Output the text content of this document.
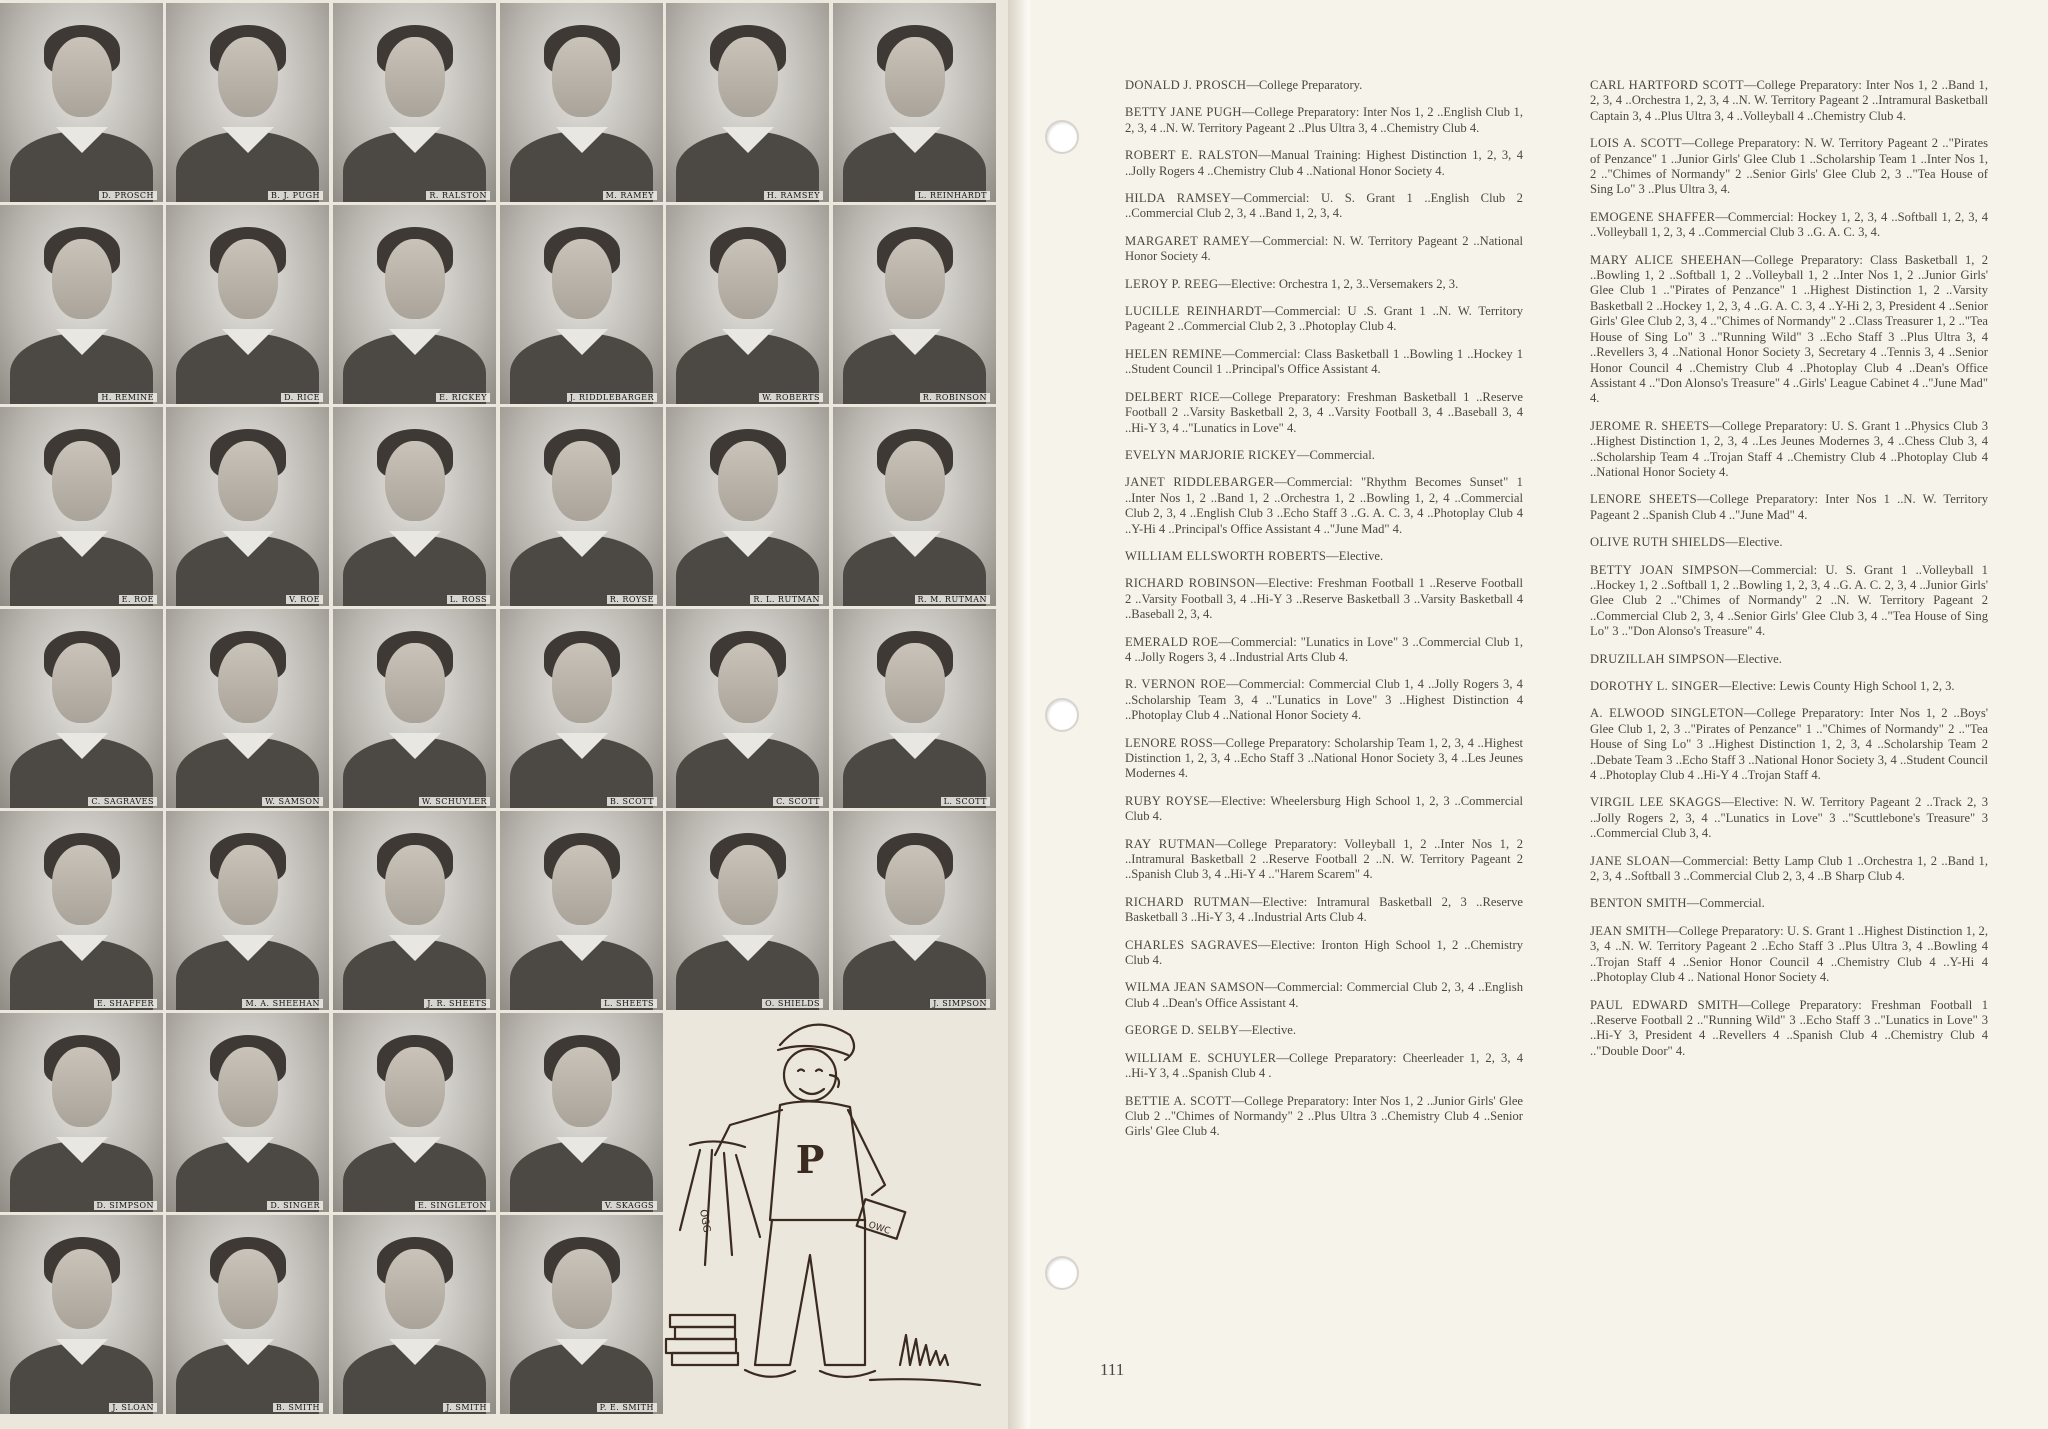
D. PROSCH	B. J. PUGH	R. RALSTON	M. RAMEY	H. RAMSEY	L. REINHARDT
H. REMINE	D. RICE	E. RICKEY	J. RIDDLEBARGER	W. ROBERTS	R. ROBINSON
E. ROE	V. ROE	L. ROSS	R. ROYSE	R. L. RUTMAN	R. M. RUTMAN
C. SAGRAVES	W. SAMSON	W. SCHUYLER	B. SCOTT	C. SCOTT	L. SCOTT
E. SHAFFER	M. A. SHEEHAN	J. R. SHEETS	L. SHEETS	O. SHIELDS	J. SIMPSON
D. SIMPSON	D. SINGER	E. SINGLETON	V. SKAGGS
J. SLOAN	B. SMITH	J. SMITH	P. E. SMITH
P
OGG	OWC

DONALD J. PROSCH—College Preparatory.

BETTY JANE PUGH—College Preparatory: Inter Nos 1, 2 ..English Club 1, 2, 3, 4 ..N. W. Territory Pageant 2 ..Plus Ultra 3, 4 ..Chemistry Club 4.

ROBERT E. RALSTON—Manual Training: Highest Distinction 1, 2, 3, 4 ..Jolly Rogers 4 ..Chemistry Club 4 ..National Honor Society 4.

HILDA RAMSEY—Commercial: U. S. Grant 1 ..English Club 2 ..Commercial Club 2, 3, 4 ..Band 1, 2, 3, 4.

MARGARET RAMEY—Commercial: N. W. Territory Pageant 2 ..National Honor Society 4.

LEROY P. REEG—Elective: Orchestra 1, 2, 3..Versemakers 2, 3.

LUCILLE REINHARDT—Commercial: U .S. Grant 1 ..N. W. Territory Pageant 2 ..Commercial Club 2, 3 ..Photoplay Club 4.

HELEN REMINE—Commercial: Class Basketball 1 ..Bowling 1 ..Hockey 1 ..Student Council 1 ..Principal's Office Assistant 4.

DELBERT RICE—College Preparatory: Freshman Basketball 1 ..Reserve Football 2 ..Varsity Basketball 2, 3, 4 ..Varsity Football 3, 4 ..Baseball 3, 4 ..Hi-Y 3, 4 .."Lunatics in Love" 4.

EVELYN MARJORIE RICKEY—Commercial.

JANET RIDDLEBARGER—Commercial: "Rhythm Becomes Sunset" 1 ..Inter Nos 1, 2 ..Band 1, 2 ..Orchestra 1, 2 ..Bowling 1, 2, 4 ..Commercial Club 2, 3, 4 ..English Club 3 ..Echo Staff 3 ..G. A. C. 3, 4 ..Photoplay Club 4 ..Y-Hi 4 ..Principal's Office Assistant 4 .."June Mad" 4.

WILLIAM ELLSWORTH ROBERTS—Elective.

RICHARD ROBINSON—Elective: Freshman Football 1 ..Reserve Football 2 ..Varsity Football 3, 4 ..Hi-Y 3 ..Reserve Basketball 3 ..Varsity Basketball 4 ..Baseball 2, 3, 4.

EMERALD ROE—Commercial: "Lunatics in Love" 3 ..Commercial Club 1, 4 ..Jolly Rogers 3, 4 ..Industrial Arts Club 4.

R. VERNON ROE—Commercial: Commercial Club 1, 4 ..Jolly Rogers 3, 4 ..Scholarship Team 3, 4 .."Lunatics in Love" 3 ..Highest Distinction 4 ..Photoplay Club 4 ..National Honor Society 4.

LENORE ROSS—College Preparatory: Scholarship Team 1, 2, 3, 4 ..Highest Distinction 1, 2, 3, 4 ..Echo Staff 3 ..National Honor Society 3, 4 ..Les Jeunes Modernes 4.

RUBY ROYSE—Elective: Wheelersburg High School 1, 2, 3 ..Commercial Club 4.

RAY RUTMAN—College Preparatory: Volleyball 1, 2 ..Inter Nos 1, 2 ..Intramural Basketball 2 ..Reserve Football 2 ..N. W. Territory Pageant 2 ..Spanish Club 3, 4 ..Hi-Y 4 .."Harem Scarem" 4.

RICHARD RUTMAN—Elective: Intramural Basketball 2, 3 ..Reserve Basketball 3 ..Hi-Y 3, 4 ..Industrial Arts Club 4.

CHARLES SAGRAVES—Elective: Ironton High School 1, 2 ..Chemistry Club 4.

WILMA JEAN SAMSON—Commercial: Commercial Club 2, 3, 4 ..English Club 4 ..Dean's Office Assistant 4.

GEORGE D. SELBY—Elective.

WILLIAM E. SCHUYLER—College Preparatory: Cheerleader 1, 2, 3, 4 ..Hi-Y 3, 4 ..Spanish Club 4 .

BETTIE A. SCOTT—College Preparatory: Inter Nos 1, 2 ..Junior Girls' Glee Club 2 .."Chimes of Normandy" 2 ..Plus Ultra 3 ..Chemistry Club 4 ..Senior Girls' Glee Club 4.

CARL HARTFORD SCOTT—College Preparatory: Inter Nos 1, 2 ..Band 1, 2, 3, 4 ..Orchestra 1, 2, 3, 4 ..N. W. Territory Pageant 2 ..Intramural Basketball Captain 3, 4 ..Plus Ultra 3, 4 ..Volleyball 4 ..Chemistry Club 4.

LOIS A. SCOTT—College Preparatory: N. W. Territory Pageant 2 .."Pirates of Penzance" 1 ..Junior Girls' Glee Club 1 ..Scholarship Team 1 ..Inter Nos 1, 2 .."Chimes of Normandy" 2 ..Senior Girls' Glee Club 2, 3 .."Tea House of Sing Lo" 3 ..Plus Ultra 3, 4.

EMOGENE SHAFFER—Commercial: Hockey 1, 2, 3, 4 ..Softball 1, 2, 3, 4 ..Volleyball 1, 2, 3, 4 ..Commercial Club 3 ..G. A. C. 3, 4.

MARY ALICE SHEEHAN—College Preparatory: Class Basketball 1, 2 ..Bowling 1, 2 ..Softball 1, 2 ..Volleyball 1, 2 ..Inter Nos 1, 2 ..Junior Girls' Glee Club 1 .."Pirates of Penzance" 1 ..Highest Distinction 1, 2 ..Varsity Basketball 2 ..Hockey 1, 2, 3, 4 ..G. A. C. 3, 4 ..Y-Hi 2, 3, President 4 ..Senior Girls' Glee Club 2, 3, 4 .."Chimes of Normandy" 2 ..Class Treasurer 1, 2 .."Tea House of Sing Lo" 3 .."Running Wild" 3 ..Echo Staff 3 ..Plus Ultra 3, 4 ..Revellers 3, 4 ..National Honor Society 3, Secretary 4 ..Tennis 3, 4 ..Senior Honor Council 4 ..Chemistry Club 4 ..Photoplay Club 4 ..Dean's Office Assistant 4 .."Don Alonso's Treasure" 4 ..Girls' League Cabinet 4 .."June Mad" 4.

JEROME R. SHEETS—College Preparatory: U. S. Grant 1 ..Physics Club 3 ..Highest Distinction 1, 2, 3, 4 ..Les Jeunes Modernes 3, 4 ..Chess Club 3, 4 ..Scholarship Team 4 ..Trojan Staff 4 ..Chemistry Club 4 ..Photoplay Club 4 ..National Honor Society 4.

LENORE SHEETS—College Preparatory: Inter Nos 1 ..N. W. Territory Pageant 2 ..Spanish Club 4 .."June Mad" 4.

OLIVE RUTH SHIELDS—Elective.

BETTY JOAN SIMPSON—Commercial: U. S. Grant 1 ..Volleyball 1 ..Hockey 1, 2 ..Softball 1, 2 ..Bowling 1, 2, 3, 4 ..G. A. C. 2, 3, 4 ..Junior Girls' Glee Club 2 .."Chimes of Normandy" 2 ..N. W. Territory Pageant 2 ..Commercial Club 2, 3, 4 ..Senior Girls' Glee Club 3, 4 .."Tea House of Sing Lo" 3 .."Don Alonso's Treasure" 4.

DRUZILLAH SIMPSON—Elective.

DOROTHY L. SINGER—Elective: Lewis County High School 1, 2, 3.

A. ELWOOD SINGLETON—College Preparatory: Inter Nos 1, 2 ..Boys' Glee Club 1, 2, 3 .."Pirates of Penzance" 1 .."Chimes of Normandy" 2 .."Tea House of Sing Lo" 3 ..Highest Distinction 1, 2, 3, 4 ..Scholarship Team 2 ..Debate Team 3 ..Echo Staff 3 ..National Honor Society 3, 4 ..Student Council 4 ..Photoplay Club 4 ..Hi-Y 4 ..Trojan Staff 4.

VIRGIL LEE SKAGGS—Elective: N. W. Territory Pageant 2 ..Track 2, 3 ..Jolly Rogers 2, 3, 4 .."Lunatics in Love" 3 .."Scuttlebone's Treasure" 3 ..Commercial Club 3, 4.

JANE SLOAN—Commercial: Betty Lamp Club 1 ..Orchestra 1, 2 ..Band 1, 2, 3, 4 ..Softball 3 ..Commercial Club 2, 3, 4 ..B Sharp Club 4.

BENTON SMITH—Commercial.

JEAN SMITH—College Preparatory: U. S. Grant 1 ..Highest Distinction 1, 2, 3, 4 ..N. W. Territory Pageant 2 ..Echo Staff 3 ..Plus Ultra 3, 4 ..Bowling 4 ..Trojan Staff 4 ..Senior Honor Council 4 ..Chemistry Club 4 ..Y-Hi 4 ..Photoplay Club 4 .. National Honor Society 4.

PAUL EDWARD SMITH—College Preparatory: Freshman Football 1 ..Reserve Football 2 .."Running Wild" 3 ..Echo Staff 3 .."Lunatics in Love" 3 ..Hi-Y 3, President 4 ..Revellers 4 ..Spanish Club 4 ..Chemistry Club 4 .."Double Door" 4.

111
